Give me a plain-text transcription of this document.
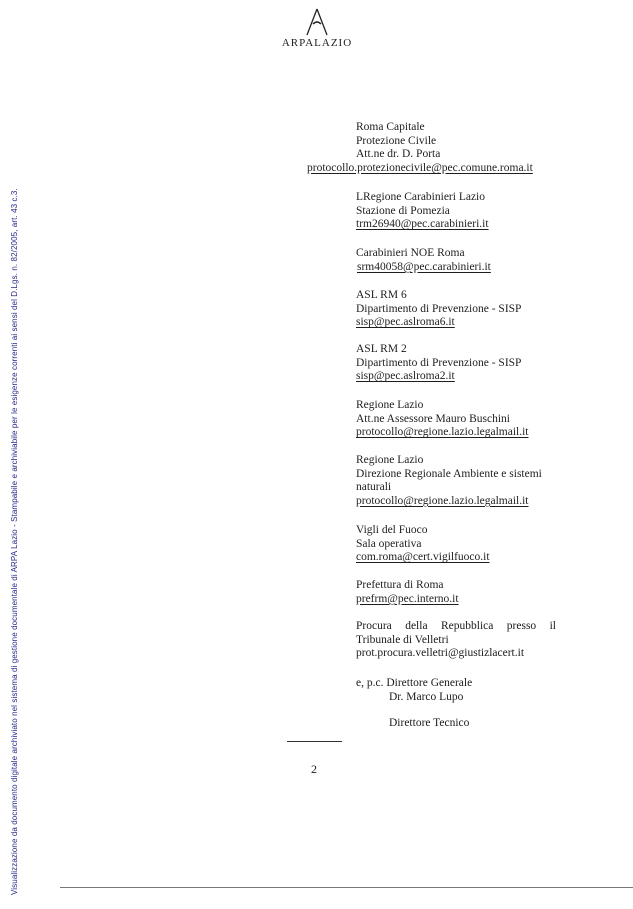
ARPALAZIO
Visualizzazione da documento digitale archiviato nel sistema di gestione documentale di ARPA Lazio - Stampabile e archiviabile per le esigenze correnti ai sensi del D.Lgs. n. 82/2005, art. 43 c.3.
Roma Capitale
Protezione Civile
Att.ne dr. D. Porta
protocollo.protezionecivile@pec.comune.roma.it
LRegione Carabinieri Lazio
Stazione di Pomezia
trm26940@pec.carabinieri.it
Carabinieri NOE Roma
srm40058@pec.carabinieri.it
ASL RM 6
Dipartimento di Prevenzione - SISP
sisp@pec.aslroma6.it
ASL RM 2
Dipartimento di Prevenzione - SISP
sisp@pec.aslroma2.it
Regione Lazio
Att.ne Assessore Mauro Buschini
protocollo@regione.lazio.legalmail.it
Regione Lazio
Direzione Regionale Ambiente e sistemi
naturali
protocollo@regione.lazio.legalmail.it
Vigli del Fuoco
Sala operativa
com.roma@cert.vigilfuoco.it
Prefettura di Roma
prefrm@pec.interno.it
Procura della Repubblica presso il
Tribunale di Velletri
prot.procura.velletri@giustizlacert.it
e, p.c. Direttore Generale
Dr. Marco Lupo
Direttore Tecnico
2
